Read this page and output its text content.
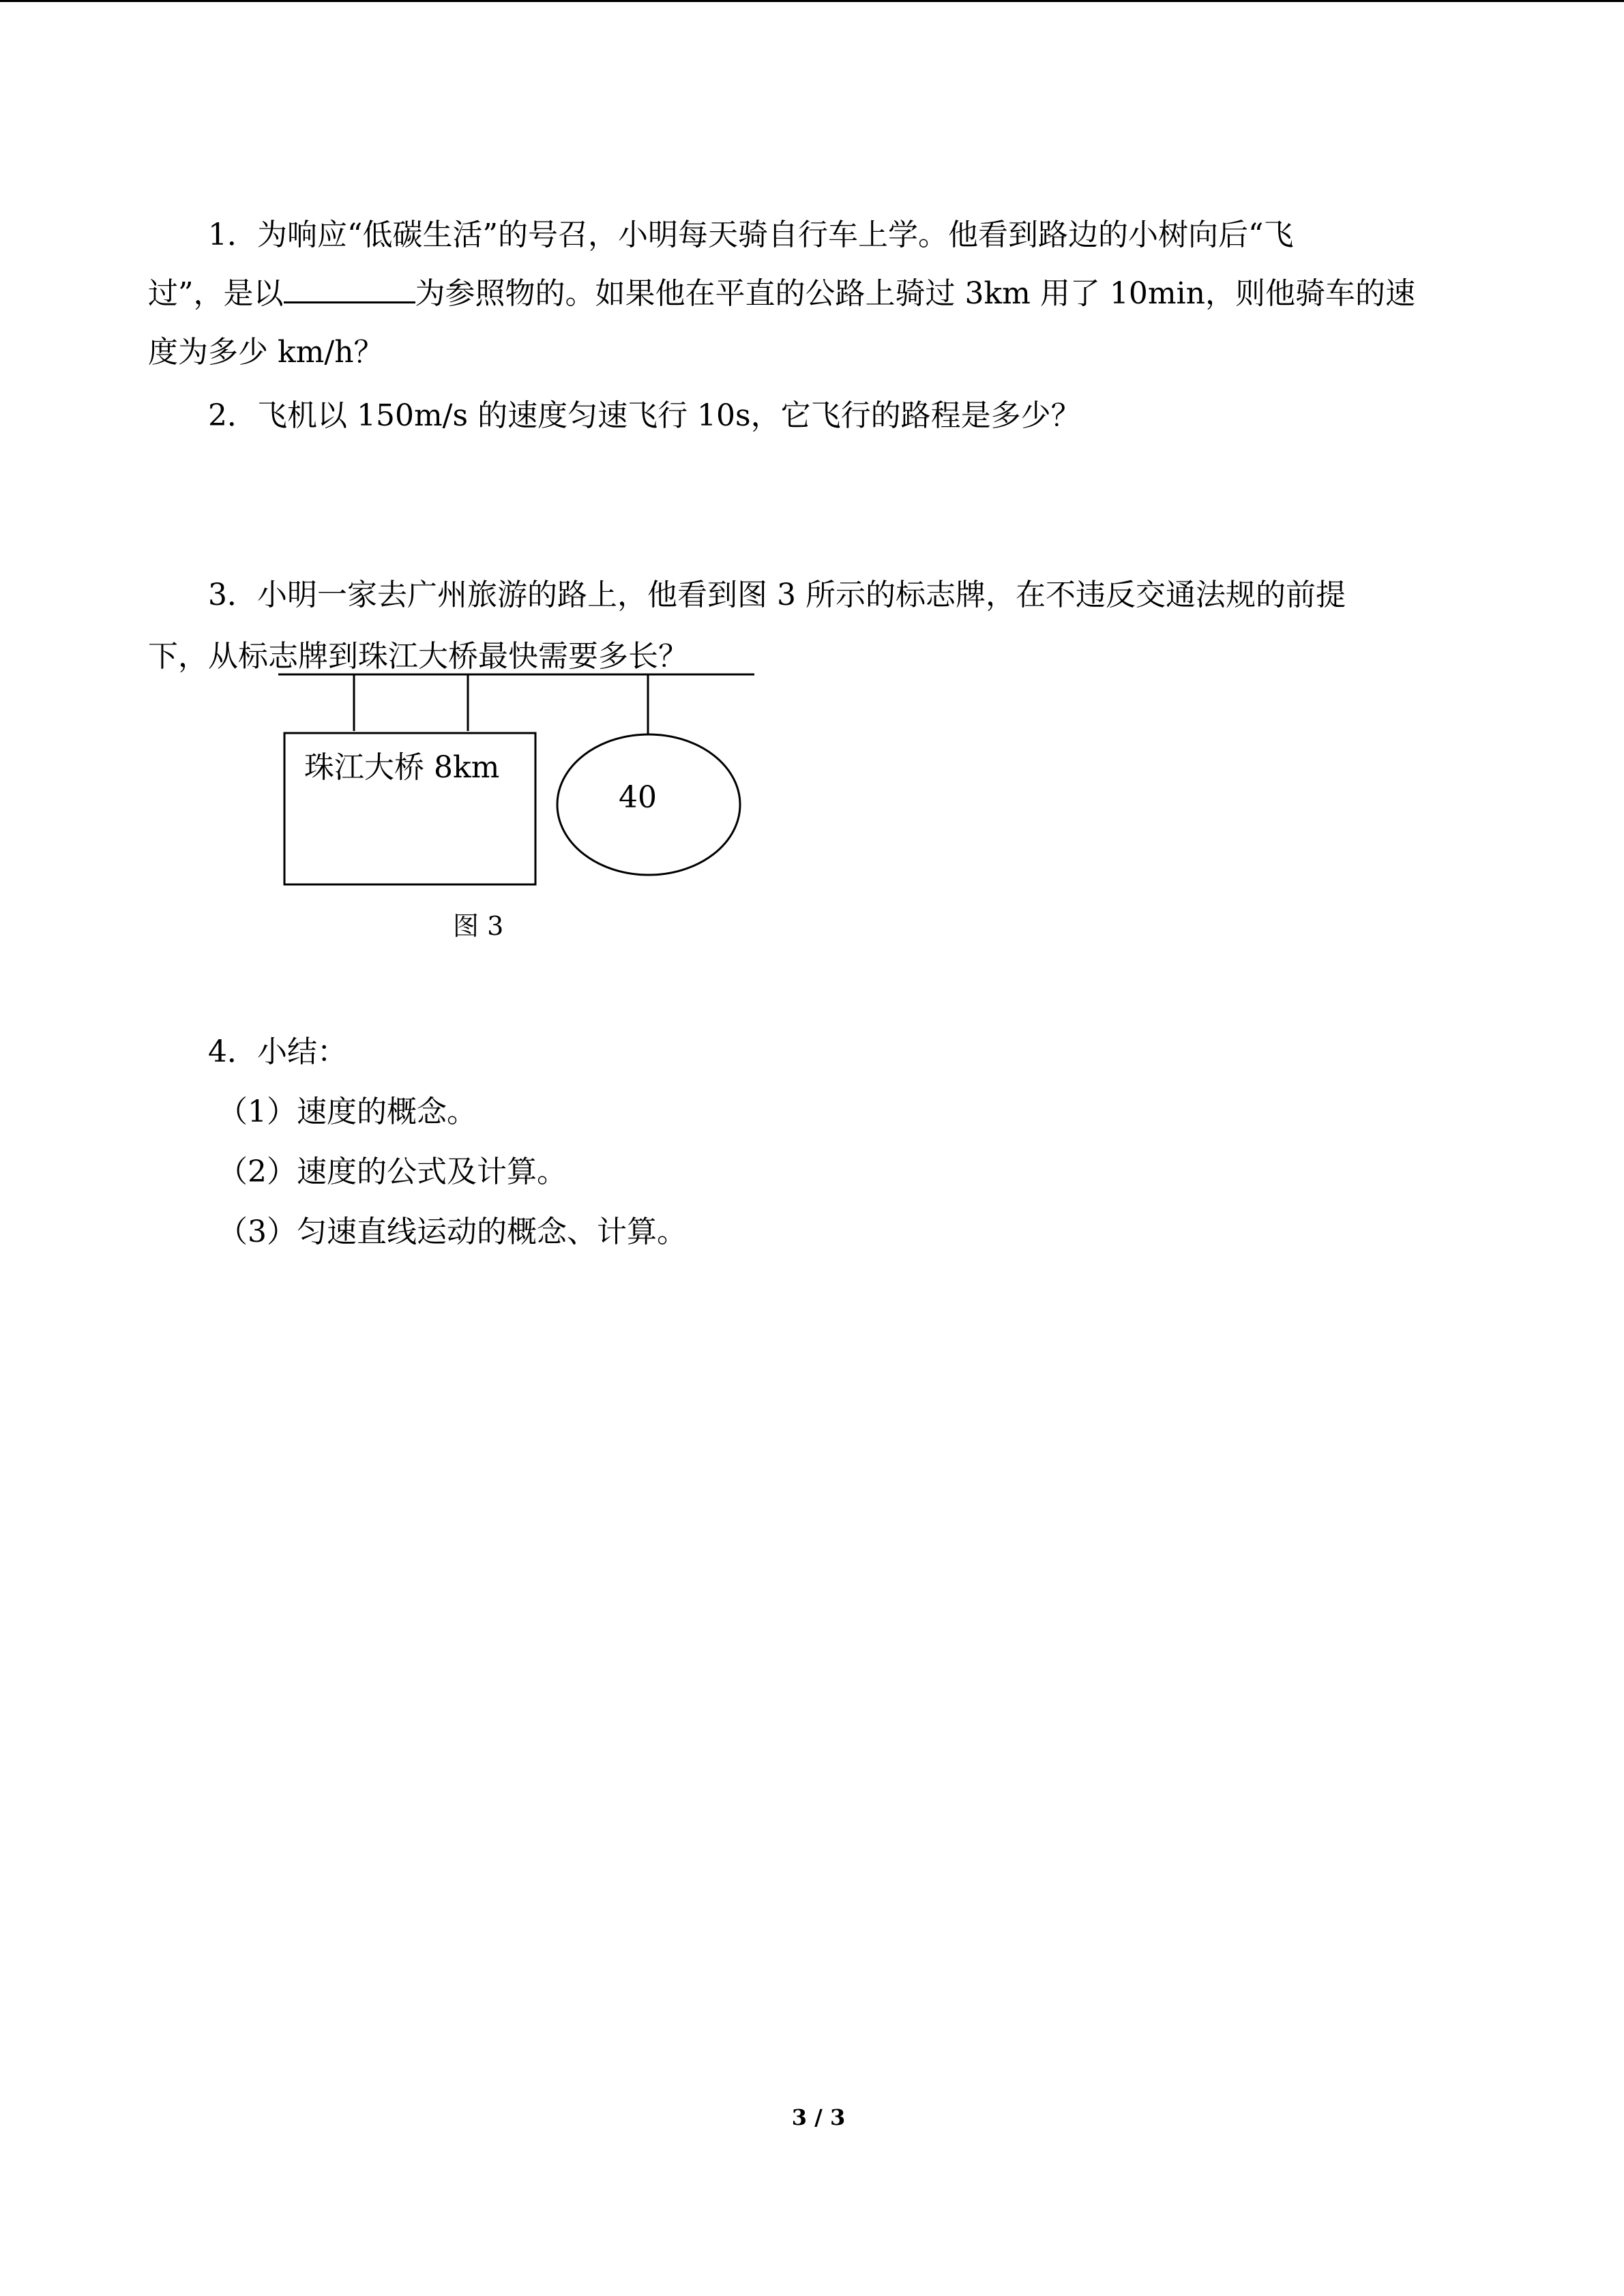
　　1．为响应“低碳生活”的号召，小明每天骑自行车上学。他看到路边的小树向后“飞

过”，是以	为参照物的。如果他在平直的公路上骑过 3km 用了 10min，则他骑车的速

度为多少 km/h？

　　2．飞机以 150m/s 的速度匀速飞行 10s，它飞行的路程是多少？

　　3．小明一家去广州旅游的路上，他看到图 3 所示的标志牌，在不违反交通法规的前提

下，从标志牌到珠江大桥最快需要多长？

珠江大桥 8km
40
图 3

　　4．小结：

（1）速度的概念。

（2）速度的公式及计算。

（3）匀速直线运动的概念、计算。

3 / 3
